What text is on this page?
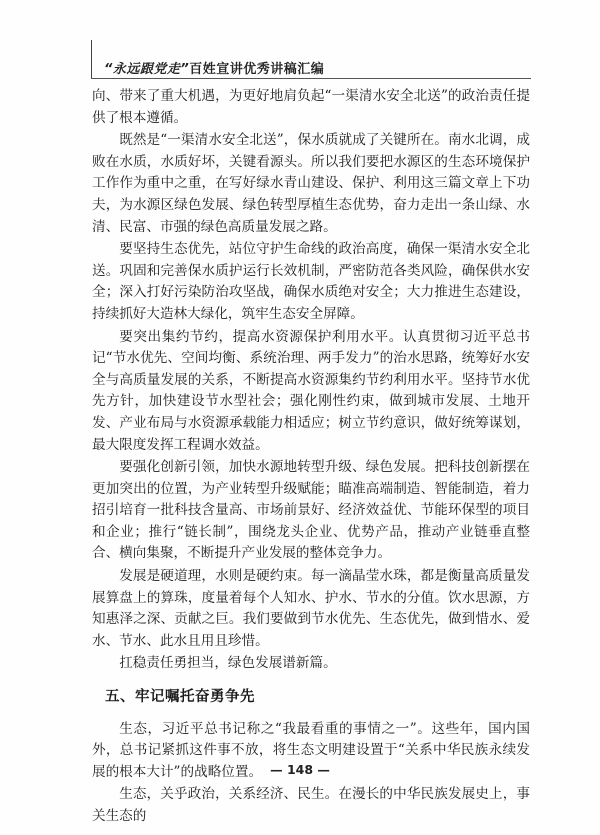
“永远跟党走”百姓宣讲优秀讲稿汇编

向、带来了重大机遇，为更好地肩负起“一渠清水安全北送”的政治责任提供了根本遵循。

既然是“一渠清水安全北送”，保水质就成了关键所在。南水北调，成败在水质，水质好坏，关键看源头。所以我们要把水源区的生态环境保护工作作为重中之重，在写好绿水青山建设、保护、利用这三篇文章上下功夫，为水源区绿色发展、绿色转型厚植生态优势，奋力走出一条山绿、水清、民富、市强的绿色高质量发展之路。

要坚持生态优先，站位守护生命线的政治高度，确保一渠清水安全北送。巩固和完善保水质护运行长效机制，严密防范各类风险，确保供水安全；深入打好污染防治攻坚战，确保水质绝对安全；大力推进生态建设，持续抓好大造林大绿化，筑牢生态安全屏障。

要突出集约节约，提高水资源保护利用水平。认真贯彻习近平总书记“节水优先、空间均衡、系统治理、两手发力”的治水思路，统筹好水安全与高质量发展的关系，不断提高水资源集约节约利用水平。坚持节水优先方针，加快建设节水型社会；强化刚性约束，做到城市发展、土地开发、产业布局与水资源承载能力相适应；树立节约意识，做好统筹谋划，最大限度发挥工程调水效益。

要强化创新引领，加快水源地转型升级、绿色发展。把科技创新摆在更加突出的位置，为产业转型升级赋能；瞄准高端制造、智能制造，着力招引培育一批科技含量高、市场前景好、经济效益优、节能环保型的项目和企业；推行“链长制”，围绕龙头企业、优势产品，推动产业链垂直整合、横向集聚，不断提升产业发展的整体竞争力。

发展是硬道理，水则是硬约束。每一滴晶莹水珠，都是衡量高质量发展算盘上的算珠，度量着每个人知水、护水、节水的分值。饮水思源，方知惠泽之深、贡献之巨。我们要做到节水优先、生态优先，做到惜水、爱水、节水、此水且用且珍惜。

扛稳责任勇担当，绿色发展谱新篇。

五、牢记嘱托奋勇争先

生态，习近平总书记称之“我最看重的事情之一”。这些年，国内国外，总书记紧抓这件事不放，将生态文明建设置于“关系中华民族永续发展的根本大计”的战略位置。

生态，关乎政治，关系经济、民生。在漫长的中华民族发展史上，事关生态的

— 148 —
